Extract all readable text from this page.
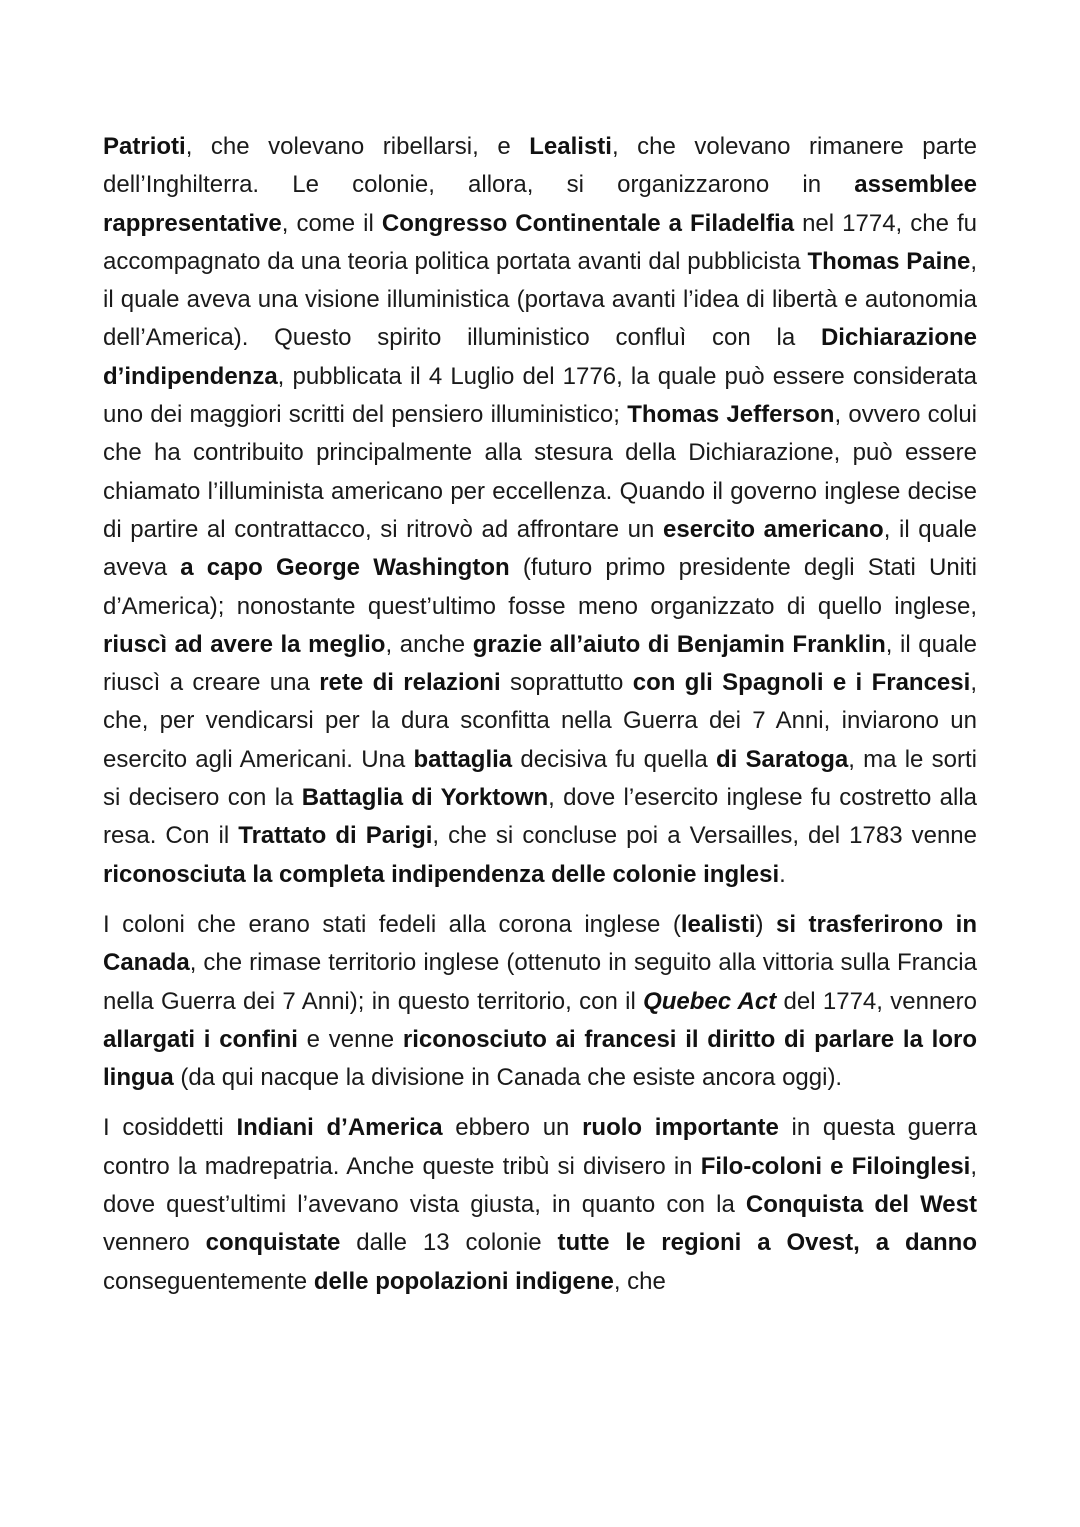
Patrioti, che volevano ribellarsi, e Lealisti, che volevano rimanere parte dell’Inghilterra. Le colonie, allora, si organizzarono in assemblee rappresentative, come il Congresso Continentale a Filadelfia nel 1774, che fu accompagnato da una teoria politica portata avanti dal pubblicista Thomas Paine, il quale aveva una visione illuministica (portava avanti l’idea di libertà e autonomia dell’America). Questo spirito illuministico confluì con la Dichiarazione d’indipendenza, pubblicata il 4 Luglio del 1776, la quale può essere considerata uno dei maggiori scritti del pensiero illuministico; Thomas Jefferson, ovvero colui che ha contribuito principalmente alla stesura della Dichiarazione, può essere chiamato l’illuminista americano per eccellenza. Quando il governo inglese decise di partire al contrattacco, si ritrovò ad affrontare un esercito americano, il quale aveva a capo George Washington (futuro primo presidente degli Stati Uniti d’America); nonostante quest’ultimo fosse meno organizzato di quello inglese, riuscì ad avere la meglio, anche grazie all’aiuto di Benjamin Franklin, il quale riuscì a creare una rete di relazioni soprattutto con gli Spagnoli e i Francesi, che, per vendicarsi per la dura sconfitta nella Guerra dei 7 Anni, inviarono un esercito agli Americani. Una battaglia decisiva fu quella di Saratoga, ma le sorti si decisero con la Battaglia di Yorktown, dove l’esercito inglese fu costretto alla resa. Con il Trattato di Parigi, che si concluse poi a Versailles, del 1783 venne riconosciuta la completa indipendenza delle colonie inglesi.

I coloni che erano stati fedeli alla corona inglese (lealisti) si trasferirono in Canada, che rimase territorio inglese (ottenuto in seguito alla vittoria sulla Francia nella Guerra dei 7 Anni); in questo territorio, con il Quebec Act del 1774, vennero allargati i confini e venne riconosciuto ai francesi il diritto di parlare la loro lingua (da qui nacque la divisione in Canada che esiste ancora oggi).

I cosiddetti Indiani d’America ebbero un ruolo importante in questa guerra contro la madrepatria. Anche queste tribù si divisero in Filo-coloni e Filoinglesi, dove quest’ultimi l’avevano vista giusta, in quanto con la Conquista del West vennero conquistate dalle 13 colonie tutte le regioni a Ovest, a danno conseguentemente delle popolazioni indigene, che
